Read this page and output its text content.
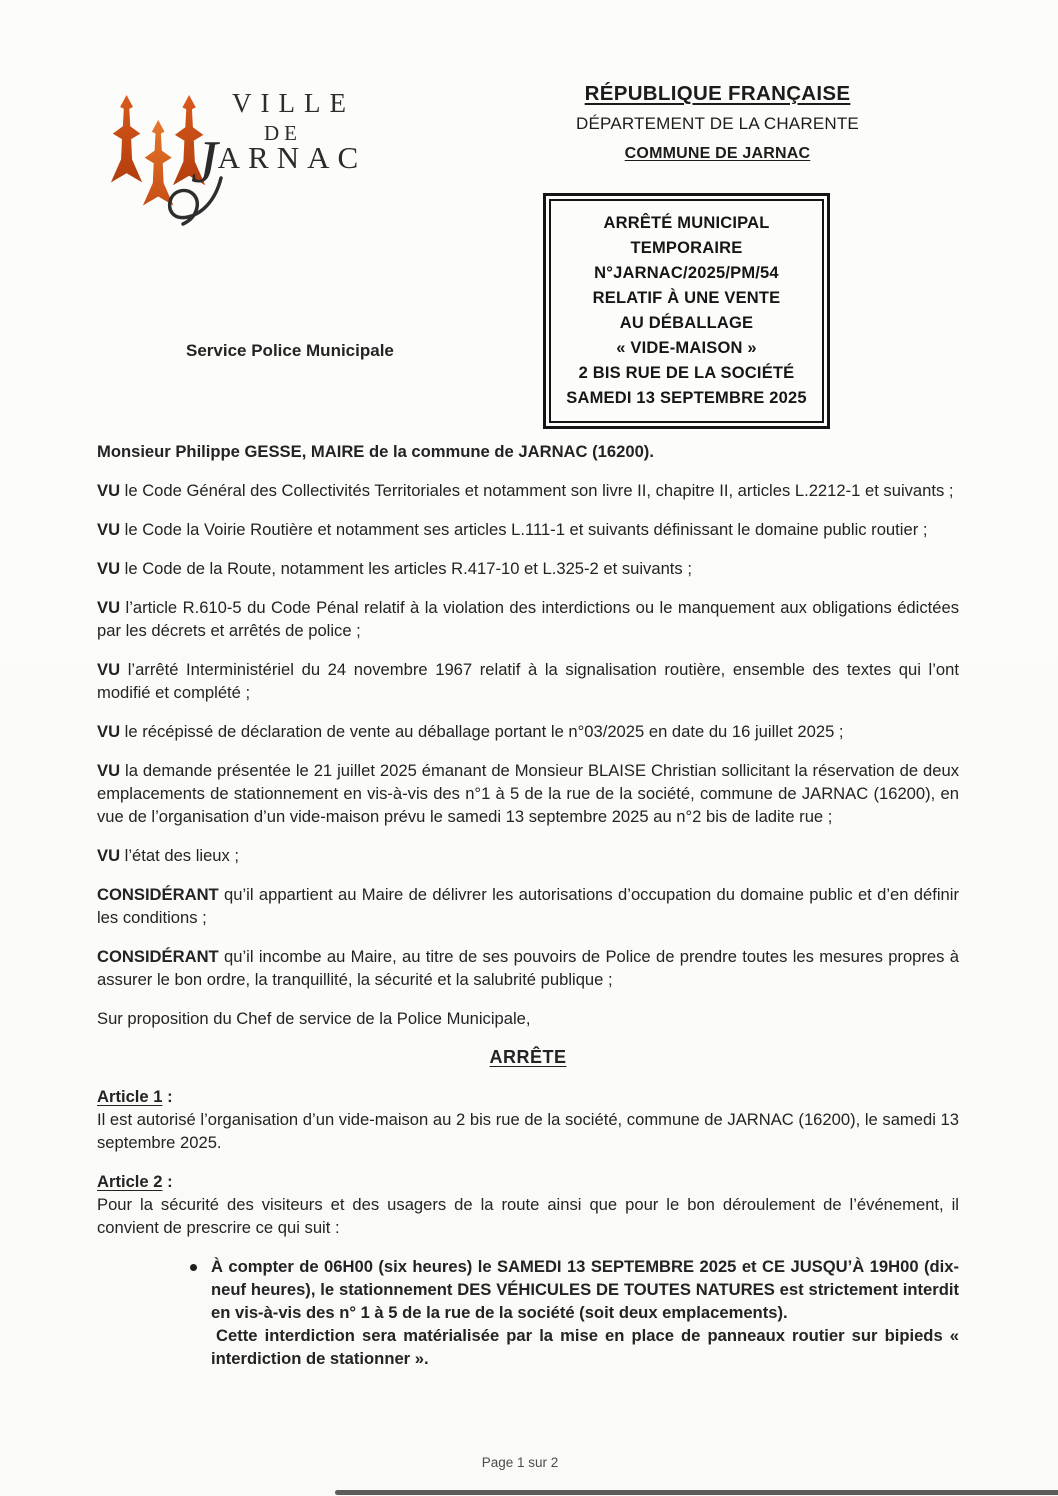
VILLE
DE
JARNAC
RÉPUBLIQUE FRANÇAISE
DÉPARTEMENT DE LA CHARENTE
COMMUNE DE JARNAC
ARRÊTÉ MUNICIPAL
TEMPORAIRE
N°JARNAC/2025/PM/54
RELATIF À UNE VENTE
AU DÉBALLAGE
« VIDE-MAISON »
2 BIS RUE DE LA SOCIÉTÉ
SAMEDI 13 SEPTEMBRE 2025
Service Police Municipale

Monsieur Philippe GESSE, MAIRE de la commune de JARNAC (16200).

VU le Code Général des Collectivités Territoriales et notamment son livre II, chapitre II, articles L.2212-1 et suivants ;

VU le Code la Voirie Routière et notamment ses articles L.111-1 et suivants définissant le domaine public routier ;

VU le Code de la Route, notamment les articles R.417-10 et L.325-2 et suivants ;

VU l’article R.610-5 du Code Pénal relatif à la violation des interdictions ou le manquement aux obligations édictées par les décrets et arrêtés de police ;

VU l’arrêté Interministériel du 24 novembre 1967 relatif à la signalisation routière, ensemble des textes qui l’ont modifié et complété ;

VU le récépissé de déclaration de vente au déballage portant le n°03/2025 en date du 16 juillet 2025 ;

VU la demande présentée le 21 juillet 2025 émanant de Monsieur BLAISE Christian sollicitant la réservation de deux emplacements de stationnement en vis-à-vis des n°1 à 5 de la rue de la société, commune de JARNAC (16200), en vue de l’organisation d’un vide-maison prévu le samedi 13 septembre 2025 au n°2 bis de ladite rue ;

VU l’état des lieux ;

CONSIDÉRANT qu’il appartient au Maire de délivrer les autorisations d’occupation du domaine public et d’en définir les conditions ;

CONSIDÉRANT qu’il incombe au Maire, au titre de ses pouvoirs de Police de prendre toutes les mesures propres à assurer le bon ordre, la tranquillité, la sécurité et la salubrité publique ;

Sur proposition du Chef de service de la Police Municipale,

ARRÊTE

Article 1 :

Il est autorisé l’organisation d’un vide-maison au 2 bis rue de la société, commune de JARNAC (16200), le samedi 13 septembre 2025.

Article 2 :

Pour la sécurité des visiteurs et des usagers de la route ainsi que pour le bon déroulement de l’événement, il convient de prescrire ce qui suit :

À compter de 06H00 (six heures) le SAMEDI 13 SEPTEMBRE 2025 et CE JUSQU’À 19H00 (dix-neuf heures), le stationnement DES VÉHICULES DE TOUTES NATURES est strictement interdit en vis-à-vis des n° 1 à 5 de la rue de la société (soit deux emplacements).

Cette interdiction sera matérialisée par la mise en place de panneaux routier sur bipieds « interdiction de stationner ».

Page 1 sur 2
